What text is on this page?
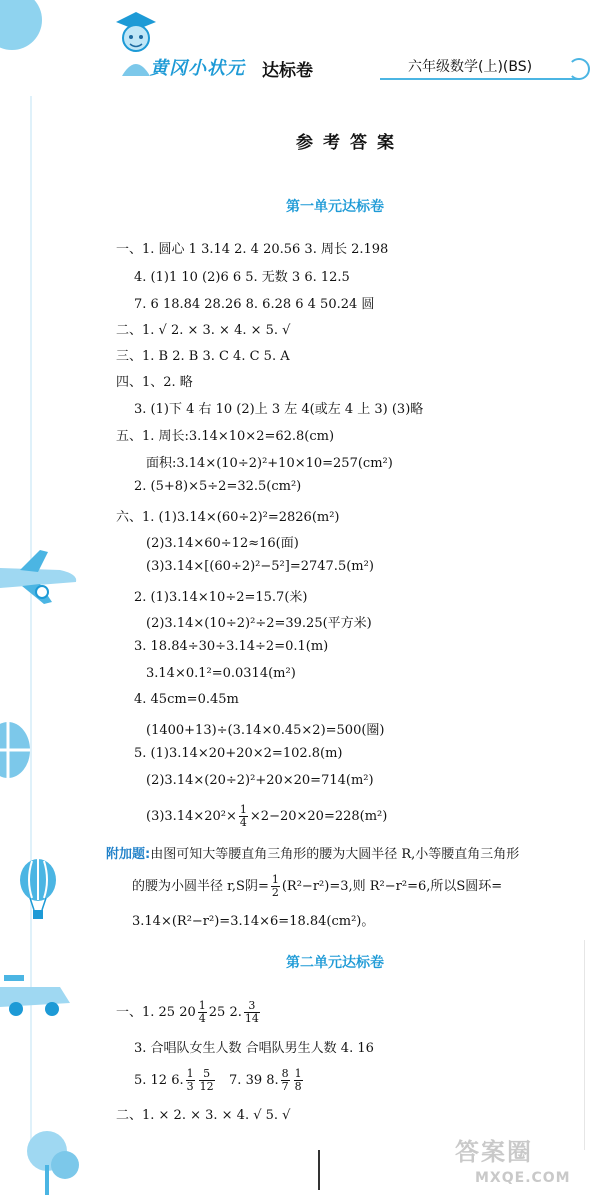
黄冈小状元 达标卷	六年级数学(上)(BS)
参考答案
第一单元达标卷
一、1. 圆心 1 3.14 2. 4 20.56 3. 周长 2.198
4. (1)1 10 (2)6 6 5. 无数 3 6. 12.5
7. 6 18.84 28.26 8. 6.28 6 4 50.24 圆
二、1. √ 2. × 3. × 4. × 5. √
三、1. B 2. B 3. C 4. C 5. A
四、1、2. 略
3. (1)下 4 右 10 (2)上 3 左 4(或左 4 上 3) (3)略
五、1. 周长:3.14×10×2=62.8(cm)
面积:3.14×(10÷2)²+10×10=257(cm²)
2. (5+8)×5÷2=32.5(cm²)
六、1. (1)3.14×(60÷2)²=2826(m²)
(2)3.14×60÷12≈16(面)
(3)3.14×[(60÷2)²−5²]=2747.5(m²)
2. (1)3.14×10÷2=15.7(米)
(2)3.14×(10÷2)²÷2=39.25(平方米)
3. 18.84÷30÷3.14÷2=0.1(m)
3.14×0.1²=0.0314(m²)
4. 45cm=0.45m
(1400+13)÷(3.14×0.45×2)=500(圈)
5. (1)3.14×20+20×2=102.8(m)
(2)3.14×(20÷2)²+20×20=714(m²)
$(3)3.14\times 20^2\times \frac{1}{4} \times 2-20\times 20=228(m^2)$
附加题:由图可知大等腰直角三角形的腰为大圆半径 R,小等腰直角三角形
的腰为小圆半径 r,S阴= $\frac{1}{2} (R^2-r^2)=3$,则 R²−r²=6,所以S圆环=
3.14×(R²−r²)=3.14×6=18.84(cm²)。
第二单元达标卷
一、1. 25 $20 \frac{1}{4} 25$ 2. $\frac{3}{14}$
3. 合唱队女生人数 合唱队男生人数 4. 16
5. 12 6. $\frac{1}{3} \frac{5}{12} 7$. 39 8. $\frac{8}{7} \frac{1}{8}$
二、1. × 2. × 3. × 4. √ 5. √
答案圈
MXQE.COM
